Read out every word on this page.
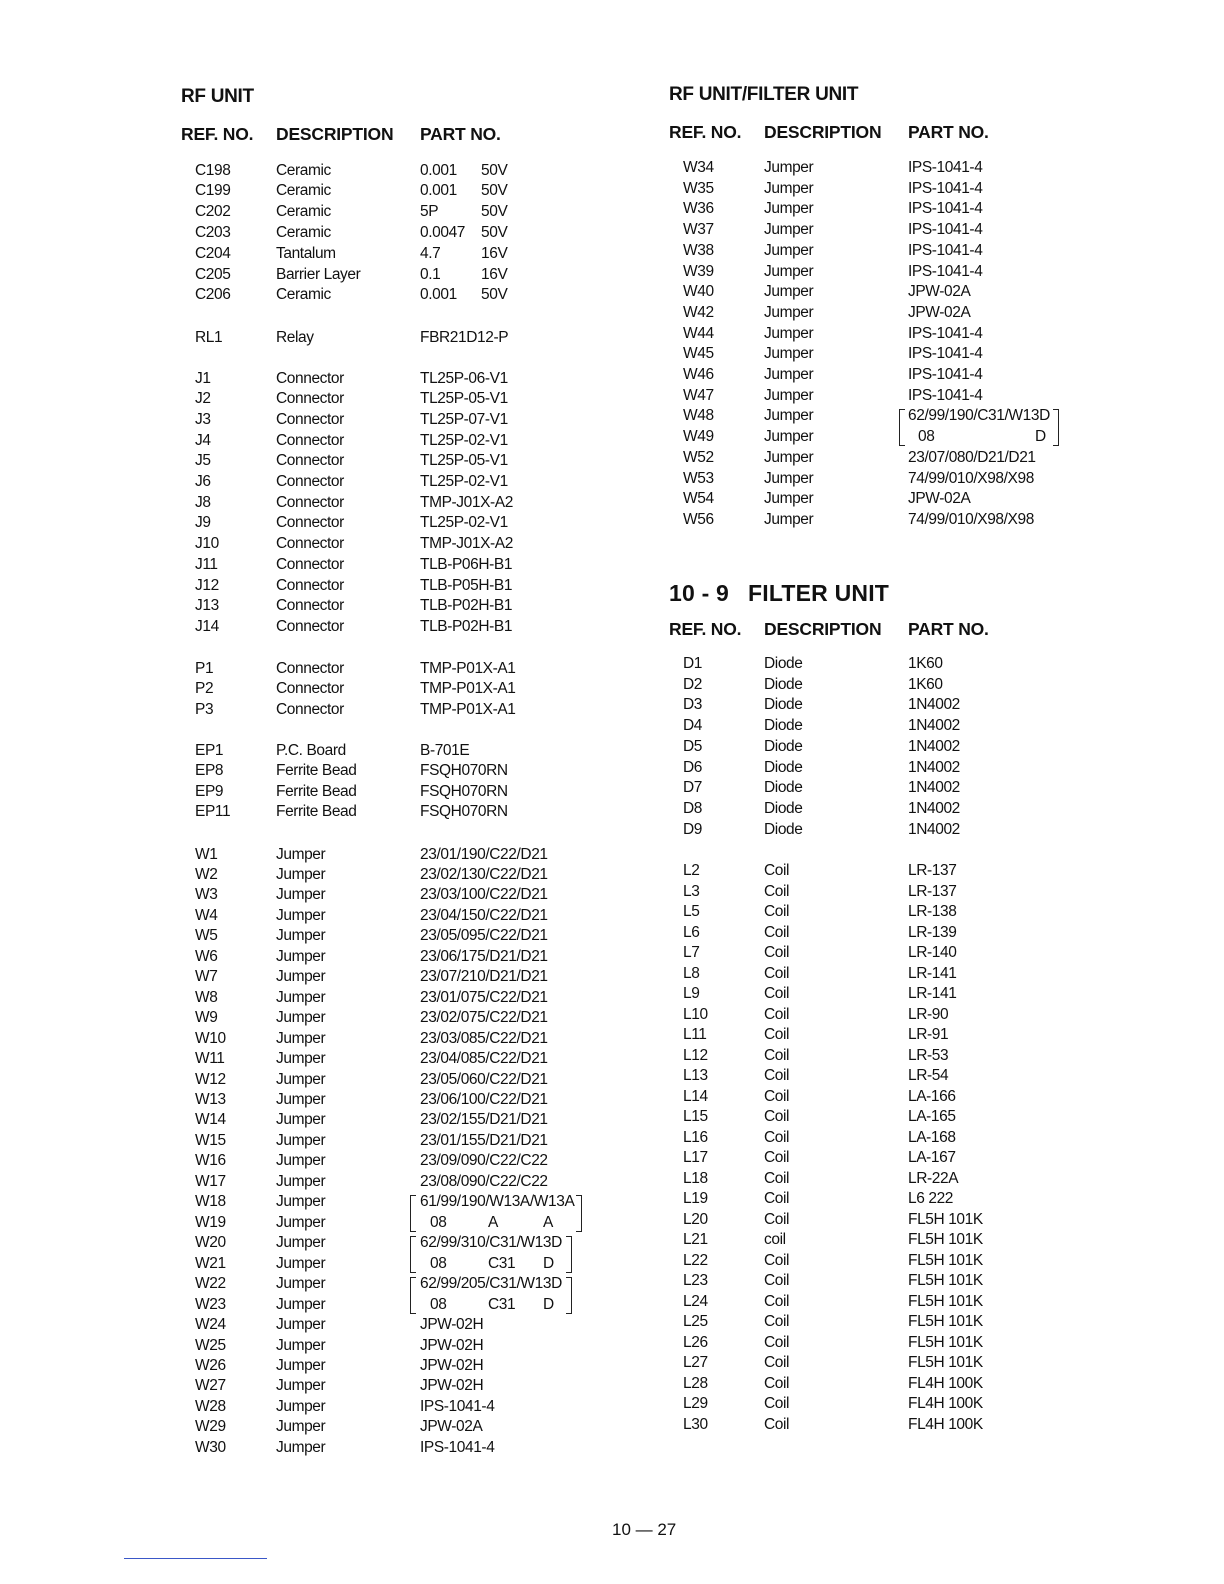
RF UNIT
REF. NO. DESCRIPTION PART NO.
C198	Ceramic	0.001 50V
C199	Ceramic	0.001 50V
C202	Ceramic	5P	50V
C203	Ceramic	0.0047 50V
C204	Tantalum	4.7	16V
C205	Barrier Layer	0.1	16V
C206	Ceramic	0.001 50V
RL1	Relay	FBR21D12-P
J1	Connector	TL25P-06-V1
J2	Connector	TL25P-05-V1
J3	Connector	TL25P-07-V1
J4	Connector	TL25P-02-V1
J5	Connector	TL25P-05-V1
J6	Connector	TL25P-02-V1
J8	Connector	TMP-J01X-A2
J9	Connector	TL25P-02-V1
J10	Connector	TMP-J01X-A2
J11	Connector	TLB-P06H-B1
J12	Connector	TLB-P05H-B1
J13	Connector	TLB-P02H-B1
J14	Connector	TLB-P02H-B1
P1	Connector	TMP-P01X-A1
P2	Connector	TMP-P01X-A1
P3	Connector	TMP-P01X-A1
EP1	P.C. Board	B-701E
EP8	Ferrite Bead	FSQH070RN
EP9	Ferrite Bead	FSQH070RN
EP11	Ferrite Bead	FSQH070RN
W1	Jumper	23/01/190/C22/D21
W2	Jumper	23/02/130/C22/D21
W3	Jumper	23/03/100/C22/D21
W4	Jumper	23/04/150/C22/D21
W5	Jumper	23/05/095/C22/D21
W6	Jumper	23/06/175/D21/D21
W7	Jumper	23/07/210/D21/D21
W8	Jumper	23/01/075/C22/D21
W9	Jumper	23/02/075/C22/D21
W10	Jumper	23/03/085/C22/D21
W11	Jumper	23/04/085/C22/D21
W12	Jumper	23/05/060/C22/D21
W13	Jumper	23/06/100/C22/D21
W14	Jumper	23/02/155/D21/D21
W15	Jumper	23/01/155/D21/D21
W16	Jumper	23/09/090/C22/C22
W17	Jumper	23/08/090/C22/C22
W18	Jumper	61/99/190/W13A/W13A
W19	Jumper	08	A	A
W20	Jumper	62/99/310/C31/W13D
W21	Jumper	08	C31 D
W22	Jumper	62/99/205/C31/W13D
W23	Jumper	08	C31 D
W24	Jumper	JPW-02H
W25	Jumper	JPW-02H
W26	Jumper	JPW-02H
W27	Jumper	JPW-02H
W28	Jumper	IPS-1041-4
W29	Jumper	JPW-02A
W30	Jumper	IPS-1041-4
RF UNIT/FILTER UNIT
REF. NO. DESCRIPTION PART NO.
W34	Jumper	IPS-1041-4
W35	Jumper	IPS-1041-4
W36	Jumper	IPS-1041-4
W37	Jumper	IPS-1041-4
W38	Jumper	IPS-1041-4
W39	Jumper	IPS-1041-4
W40	Jumper	JPW-02A
W42	Jumper	JPW-02A
W44	Jumper	IPS-1041-4
W45	Jumper	IPS-1041-4
W46	Jumper	IPS-1041-4
W47	Jumper	IPS-1041-4
W48	Jumper	62/99/190/C31/W13D
W49	Jumper	08	D
W52	Jumper	23/07/080/D21/D21
W53	Jumper	74/99/010/X98/X98
W54	Jumper	JPW-02A
W56	Jumper	74/99/010/X98/X98
10 - 9 FILTER UNIT
REF. NO. DESCRIPTION PART NO.
D1	Diode	1K60
D2	Diode	1K60
D3	Diode	1N4002
D4	Diode	1N4002
D5	Diode	1N4002
D6	Diode	1N4002
D7	Diode	1N4002
D8	Diode	1N4002
D9	Diode	1N4002
L2	Coil	LR-137
L3	Coil	LR-137
L5	Coil	LR-138
L6	Coil	LR-139
L7	Coil	LR-140
L8	Coil	LR-141
L9	Coil	LR-141
L10	Coil	LR-90
L11	Coil	LR-91
L12	Coil	LR-53
L13	Coil	LR-54
L14	Coil	LA-166
L15	Coil	LA-165
L16	Coil	LA-168
L17	Coil	LA-167
L18	Coil	LR-22A
L19	Coil	L6 222
L20	Coil	FL5H 101K
L21	coil	FL5H 101K
L22	Coil	FL5H 101K
L23	Coil	FL5H 101K
L24	Coil	FL5H 101K
L25	Coil	FL5H 101K
L26	Coil	FL5H 101K
L27	Coil	FL5H 101K
L28	Coil	FL4H 100K
L29	Coil	FL4H 100K
L30	Coil	FL4H 100K
10 — 27
